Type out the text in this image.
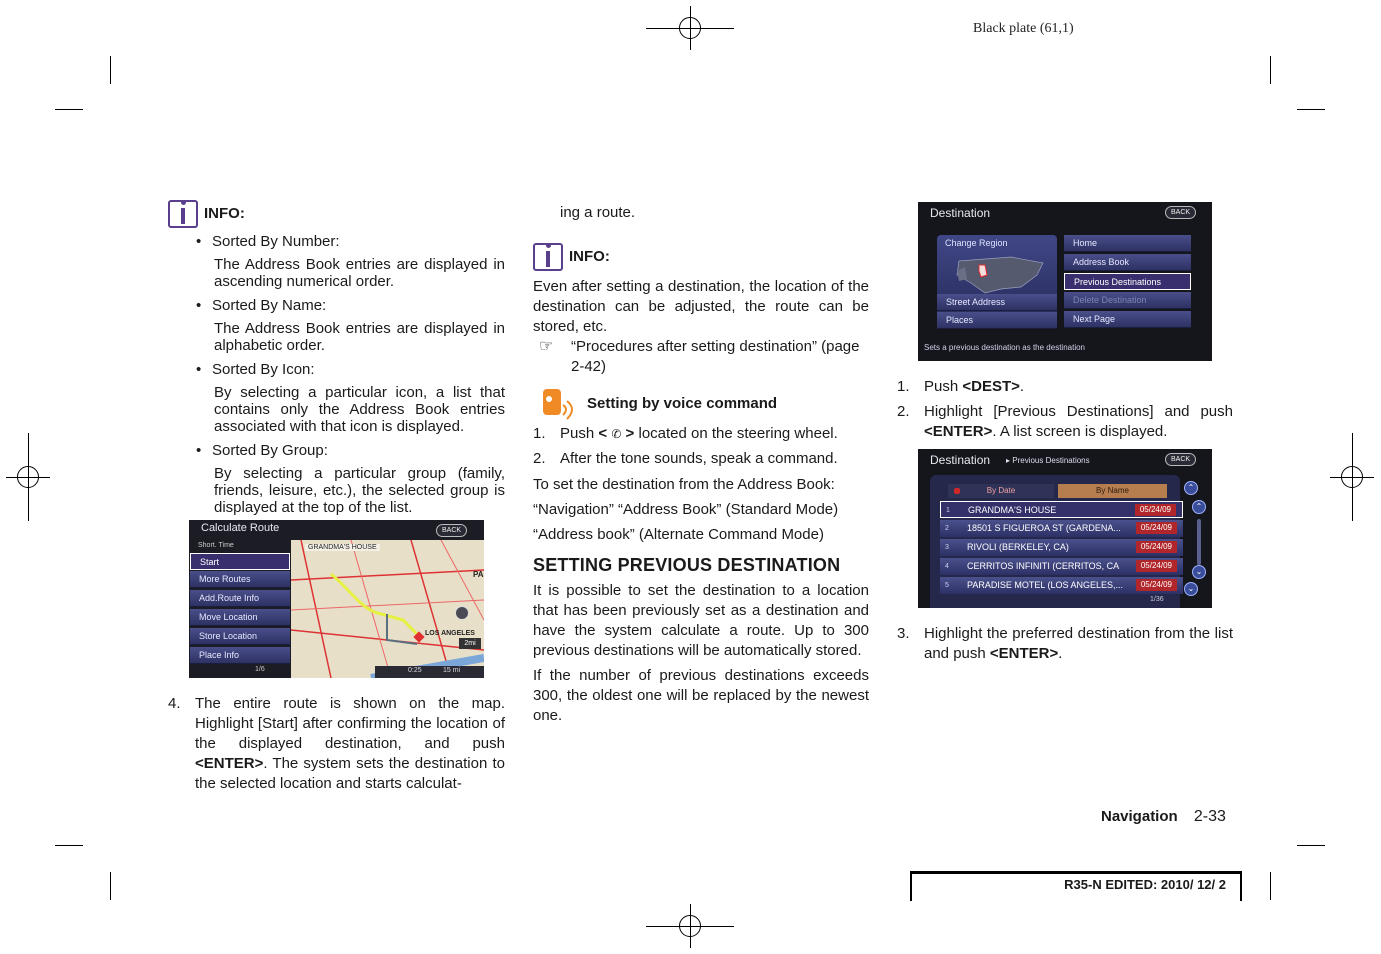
Black plate (61,1)
INFO:
• Sorted By Number:
The Address Book entries are displayed in ascending numerical order.
• Sorted By Name:
The Address Book entries are displayed in alphabetic order.
• Sorted By Icon:
By selecting a particular icon, a list that contains only the Address Book entries associated with that icon is displayed.
• Sorted By Group:
By selecting a particular group (family, friends, leisure, etc.), the selected group is displayed at the top of the list.
Calculate Route	BACK
GRANDMA'S HOUSE
PA
LOS ANGELES
2mi
0:25	15 mi
Short. Time
Start
More Routes
Add.Route Info
Move Location
Store Location
Place Info
1/6
4. The entire route is shown on the map. Highlight [Start] after confirming the location of the displayed destination, and push <ENTER>. The system sets the destination to the selected location and starts calculat-
ing a route.
INFO:
Even after setting a destination, the location of the destination can be adjusted, the route can be stored, etc.
☞ “Procedures after setting destination” (page 2-42)
Setting by voice command
1. Push < ✆ > located on the steering wheel.
2. After the tone sounds, speak a command.
To set the destination from the Address Book:
“Navigation” “Address Book” (Standard Mode)
“Address book” (Alternate Command Mode)
SETTING PREVIOUS DESTINATION
It is possible to set the destination to a location that has been previously set as a destination and have the system calculate a route. Up to 300 previous destinations will be automatically stored.
If the number of previous destinations exceeds 300, the oldest one will be replaced by the newest one.
Destination	BACK
Change Region
Street Address
Places
Home
Address Book
Previous Destinations
Delete Destination
Next Page
Sets a previous destination as the destination
1. Push <DEST>.
2. Highlight [Previous Destinations] and push <ENTER>. A list screen is displayed.
Destination ▸ Previous Destinations	BACK
By Date	By Name
1 GRANDMA'S HOUSE	05/24/09
2 18501 S FIGUEROA ST (GARDENA...	05/24/09
3 RIVOLI (BERKELEY, CA)	05/24/09
4 CERRITOS INFINITI (CERRITOS, CA	05/24/09
5 PARADISE MOTEL (LOS ANGELES,...	05/24/09
1/36
⌃
⌃
⌄
⌄
3. Highlight the preferred destination from the list and push <ENTER>.
Navigation 2-33
R35-N EDITED: 2010/ 12/ 2
